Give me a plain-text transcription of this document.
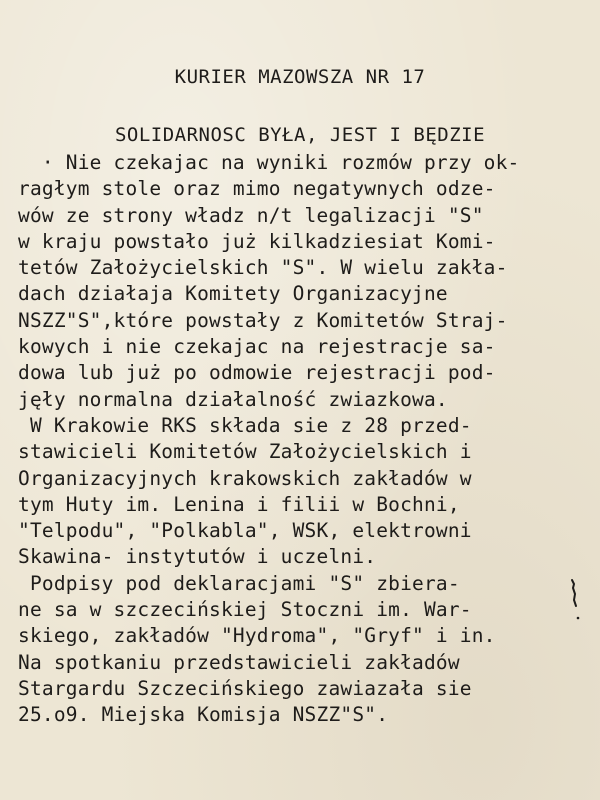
KURIER MAZOWSZA NR 17
SOLIDARNOSC BYŁA, JEST I BĘDZIE
· Nie czekajac na wyniki rozmów przy ok-
ragłym stole oraz mimo negatywnych odze-
wów ze strony władz n/t legalizacji "S"
w kraju powstało już kilkadziesiat Komi-
tetów Założycielskich "S". W wielu zakła-
dach działaja Komitety Organizacyjne
NSZZ"S",które powstały z Komitetów Straj-
kowych i nie czekajac na rejestracje sa-
dowa lub już po odmowie rejestracji pod-
jęły normalna działalność zwiazkowa.
W Krakowie RKS składa sie z 28 przed-
stawicieli Komitetów Założycielskich i
Organizacyjnych krakowskich zakładów w
tym Huty im. Lenina i filii w Bochni,
"Telpodu", "Polkabla", WSK, elektrowni
Skawina- instytutów i uczelni.
Podpisy pod deklaracjami "S" zbiera-
ne sa w szczecińskiej Stoczni im. War-
skiego, zakładów "Hydroma", "Gryf" i in.
Na spotkaniu przedstawicieli zakładów
Stargardu Szczecińskiego zawiazała sie
25.o9. Miejska Komisja NSZZ"S".
